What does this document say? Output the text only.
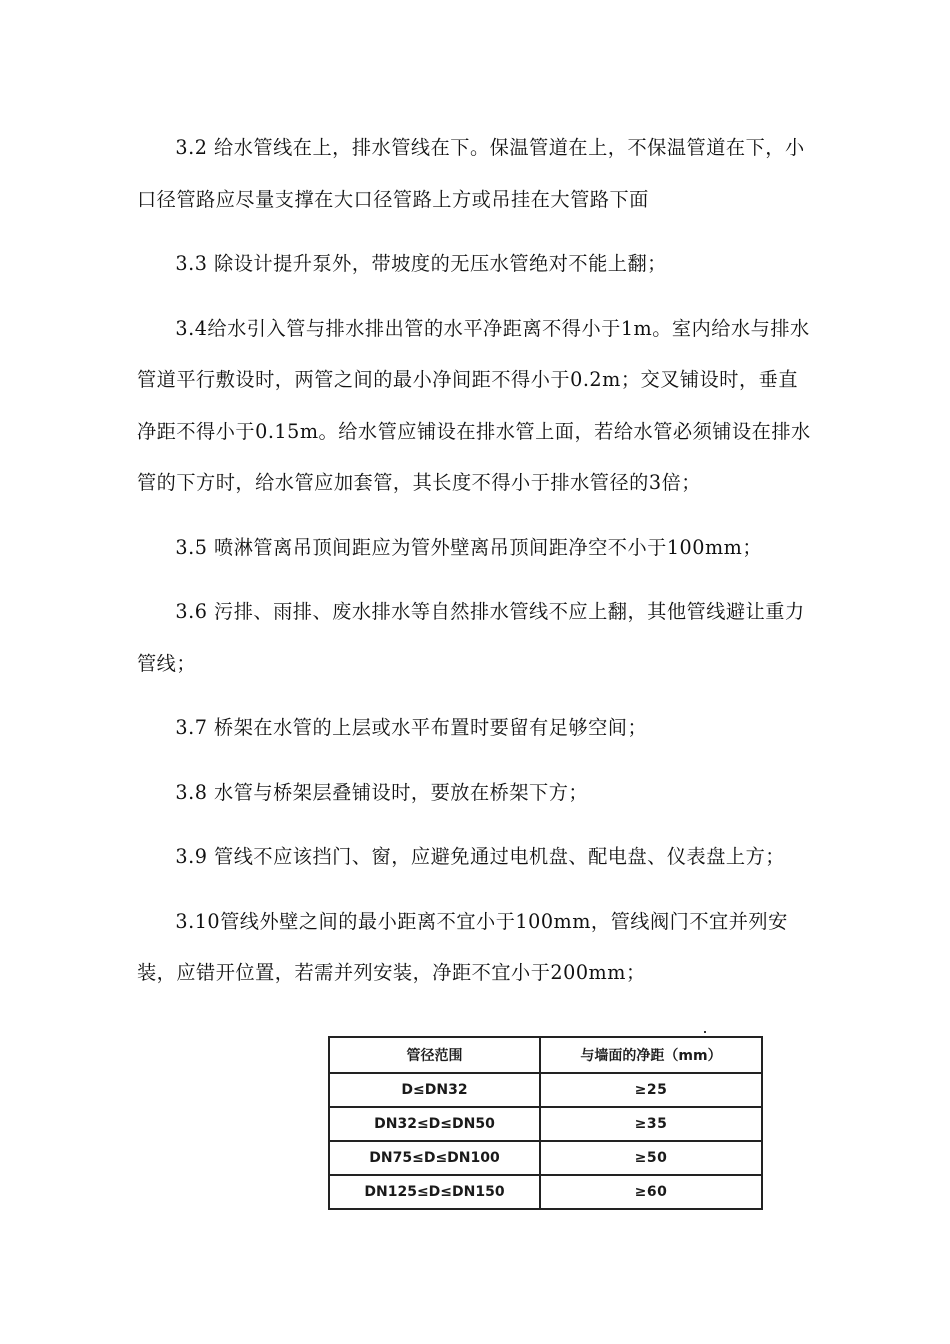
3.2 给水管线在上，排水管线在下。保温管道在上，不保温管道在下，小口径管路应尽量支撑在大口径管路上方或吊挂在大管路下面

3.3 除设计提升泵外，带坡度的无压水管绝对不能上翻；

3.4给水引入管与排水排出管的水平净距离不得小于1m。室内给水与排水管道平行敷设时，两管之间的最小净间距不得小于0.2m；交叉铺设时，垂直净距不得小于0.15m。给水管应铺设在排水管上面，若给水管必须铺设在排水管的下方时，给水管应加套管，其长度不得小于排水管径的3倍；

3.5 喷淋管离吊顶间距应为管外壁离吊顶间距净空不小于100mm；

3.6 污排、雨排、废水排水等自然排水管线不应上翻，其他管线避让重力管线；

3.7 桥架在水管的上层或水平布置时要留有足够空间；

3.8 水管与桥架层叠铺设时，要放在桥架下方；

3.9 管线不应该挡门、窗，应避免通过电机盘、配电盘、仪表盘上方；

3.10管线外壁之间的最小距离不宜小于100mm，管线阀门不宜并列安装，应错开位置，若需并列安装，净距不宜小于200mm；

管径范围	与墙面的净距（mm）
D≤DN32	≥25
DN32≤D≤DN50	≥35
DN75≤D≤DN100	≥50
DN125≤D≤DN150	≥60
